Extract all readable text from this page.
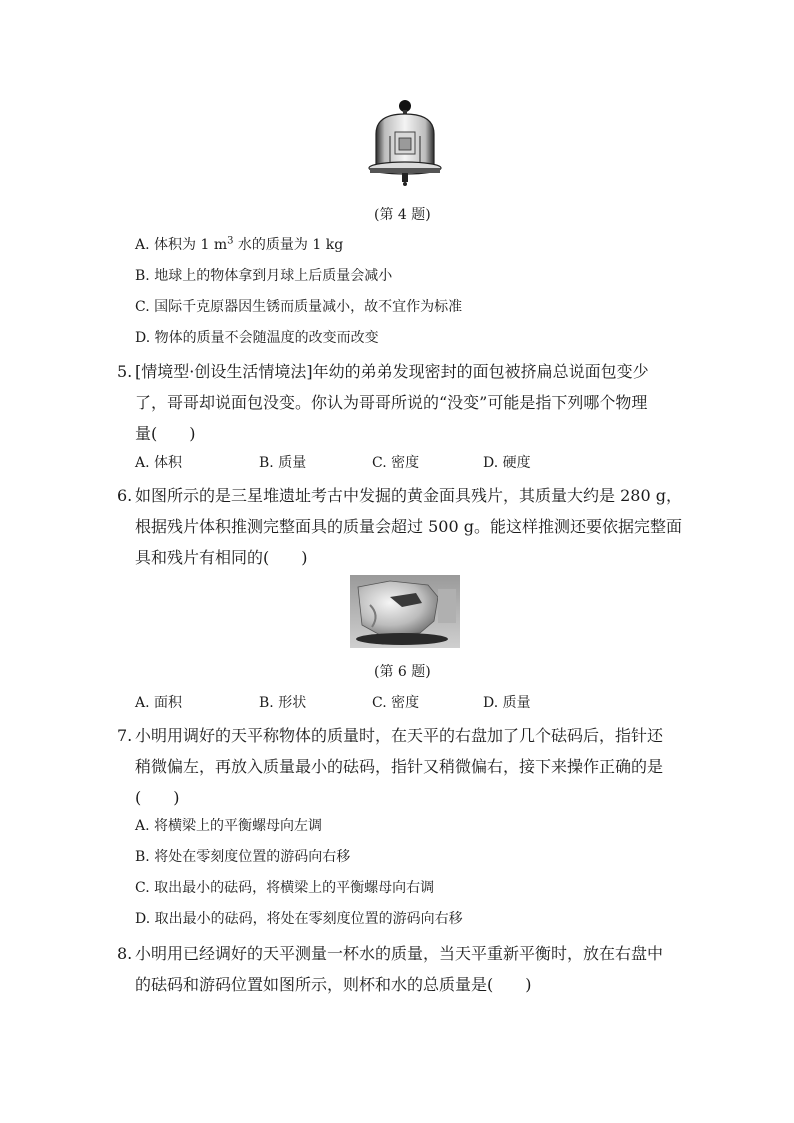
(第 4 题)
A. 体积为 1 $m^3$ 水的质量为 1 kg
B. 地球上的物体拿到月球上后质量会减小
C. 国际千克原器因生锈而质量减小，故不宜作为标准
D. 物体的质量不会随温度的改变而改变
5. [情境型·创设生活情境法]年幼的弟弟发现密封的面包被挤扁总说面包变少
了，哥哥却说面包没变。你认为哥哥所说的“没变”可能是指下列哪个物理
量(　　)
A. 体积	B. 质量	C. 密度	D. 硬度
6. 如图所示的是三星堆遗址考古中发掘的黄金面具残片，其质量大约是 280 g，
根据残片体积推测完整面具的质量会超过 500 g。能这样推测还要依据完整面
具和残片有相同的(　　)
(第 6 题)
A. 面积	B. 形状	C. 密度	D. 质量
7. 小明用调好的天平称物体的质量时，在天平的右盘加了几个砝码后，指针还
稍微偏左，再放入质量最小的砝码，指针又稍微偏右，接下来操作正确的是
(　　)
A. 将横梁上的平衡螺母向左调
B. 将处在零刻度位置的游码向右移
C. 取出最小的砝码，将横梁上的平衡螺母向右调
D. 取出最小的砝码，将处在零刻度位置的游码向右移
8. 小明用已经调好的天平测量一杯水的质量，当天平重新平衡时，放在右盘中
的砝码和游码位置如图所示，则杯和水的总质量是(　　)
